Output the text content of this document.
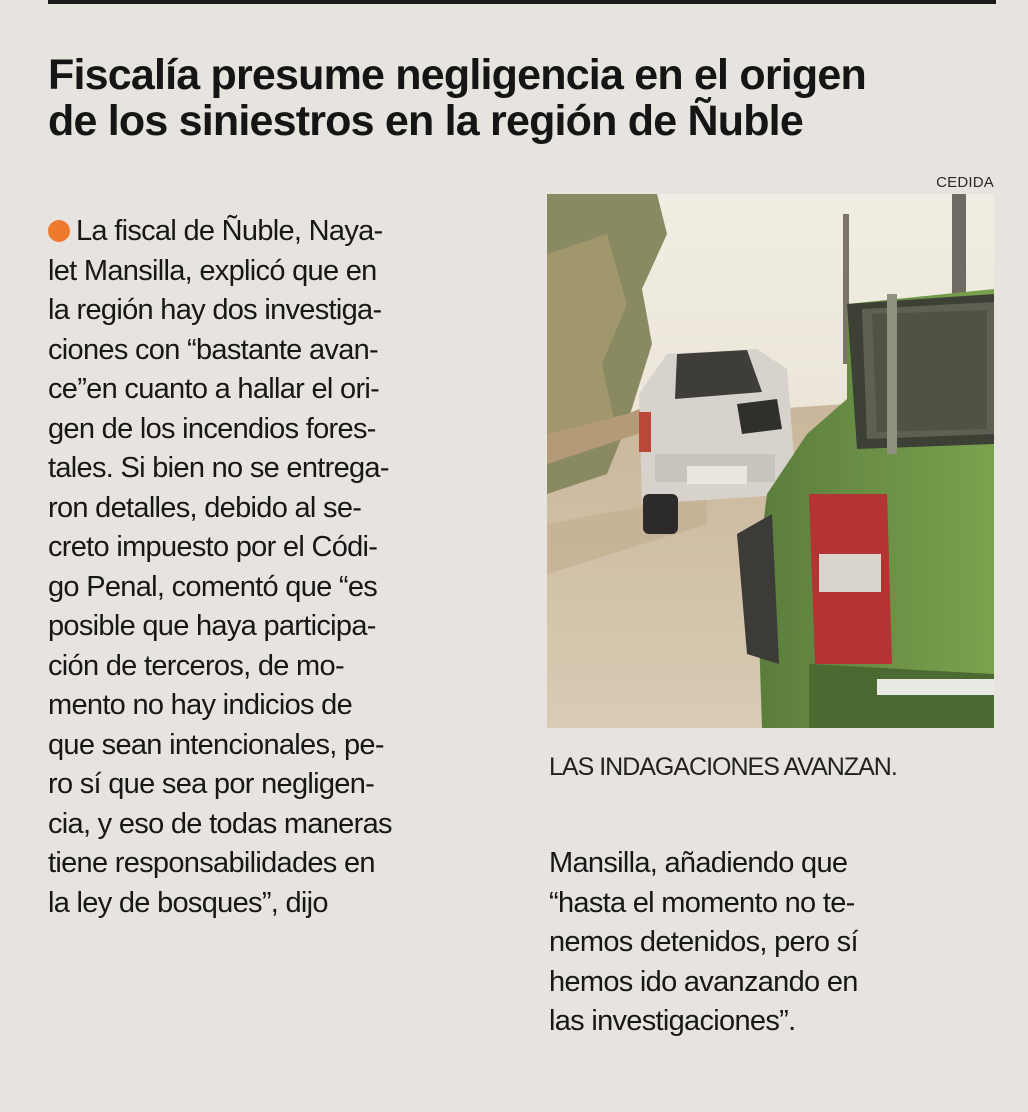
Fiscalía presume negligencia en el origen
de los siniestros en la región de Ñuble
La fiscal de Ñuble, Naya-
let Mansilla, explicó que en
la región hay dos investiga-
ciones con “bastante avan-
ce”en cuanto a hallar el ori-
gen de los incendios fores-
tales. Si bien no se entrega-
ron detalles, debido al se-
creto impuesto por el Códi-
go Penal, comentó que “es
posible que haya participa-
ción de terceros, de mo-
mento no hay indicios de
que sean intencionales, pe-
ro sí que sea por negligen-
cia, y eso de todas maneras
tiene responsabilidades en
la ley de bosques”, dijo
CEDIDA
LAS INDAGACIONES AVANZAN.
Mansilla, añadiendo que
“hasta el momento no te-
nemos detenidos, pero sí
hemos ido avanzando en
las investigaciones”.
